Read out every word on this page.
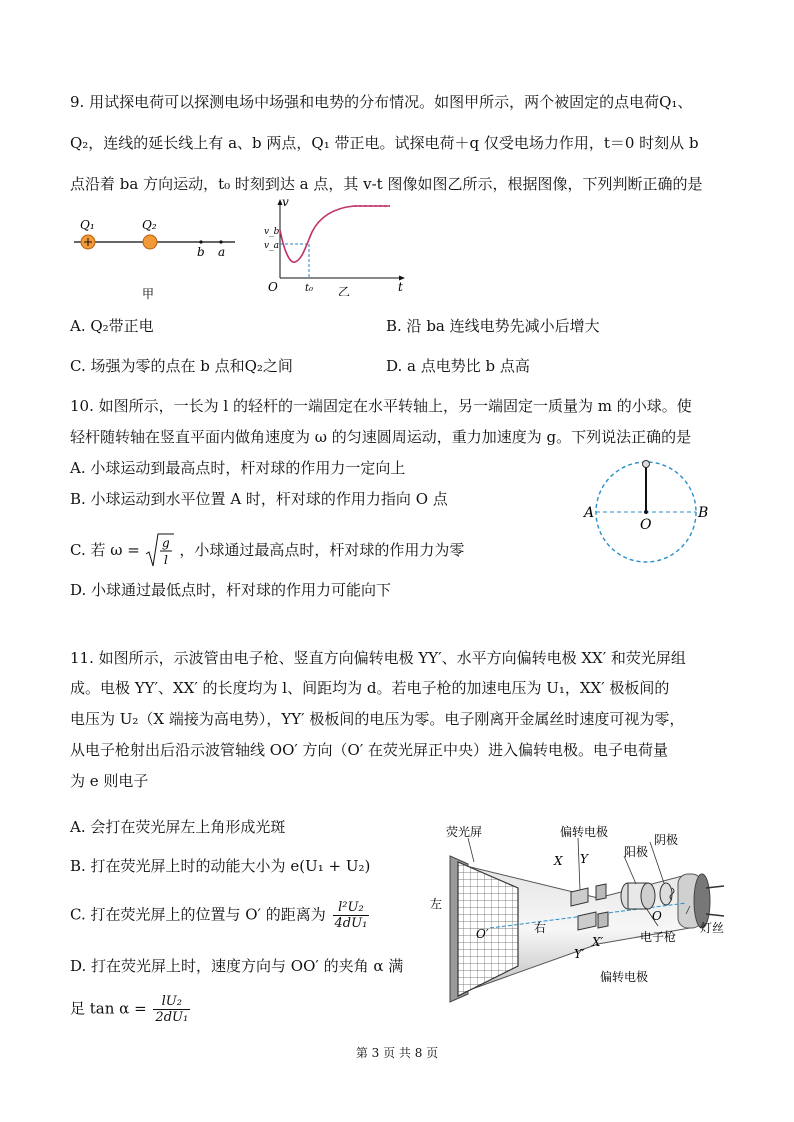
9. 用试探电荷可以探测电场中场强和电势的分布情况。如图甲所示，两个被固定的点电荷Q₁、
Q₂，连线的延长线上有 a、b 两点，Q₁ 带正电。试探电荷＋q 仅受电场力作用，t＝0 时刻从 b
点沿着 ba 方向运动，t₀ 时刻到达 a 点，其 v-t 图像如图乙所示，根据图像，下列判断正确的是
Q₁	Q₂
b a
甲
v
v_b
v_a
O	t₀	t
乙
A. Q₂带正电	B. 沿 ba 连线电势先减小后增大
C. 场强为零的点在 b 点和Q₂之间	D. a 点电势比 b 点高
10. 如图所示，一长为 l 的轻杆的一端固定在水平转轴上，另一端固定一质量为 m 的小球。使
轻杆随转轴在竖直平面内做角速度为 ω 的匀速圆周运动，重力加速度为 g。下列说法正确的是
A. 小球运动到最高点时，杆对球的作用力一定向上
B. 小球运动到水平位置 A 时，杆对球的作用力指向 O 点
C. 若 ω = g
l
，小球通过最高点时，杆对球的作用力为零
D. 小球通过最低点时，杆对球的作用力可能向下
A	B
O
11. 如图所示，示波管由电子枪、竖直方向偏转电极 YY′、水平方向偏转电极 XX′ 和荧光屏组
成。电极 YY′、XX′ 的长度均为 l、间距均为 d。若电子枪的加速电压为 U₁，XX′ 极板间的
电压为 U₂（X 端接为高电势），YY′ 极板间的电压为零。电子刚离开金属丝时速度可视为零，
从电子枪射出后沿示波管轴线 OO′ 方向（O′ 在荧光屏正中央）进入偏转电极。电子电荷量
为 e 则电子
A. 会打在荧光屏左上角形成光斑
B. 打在荧光屏上时的动能大小为 e(U₁ + U₂)
C. 打在荧光屏上的位置与 O′ 的距离为 $\frac{\text{l²U₂}}{\text{4dU₁}}$
D. 打在荧光屏上时，速度方向与 OO′ 的夹角 α 满
足 $\tan \alpha = \frac{\text{lU₂}}{\text{2dU₁}}$
荧光屏	偏转电极
阴极
阳极
左
右	灯丝
电子枪
偏转电极
X Y
X′
Y′
O
O′
第 3 页 共 8 页
